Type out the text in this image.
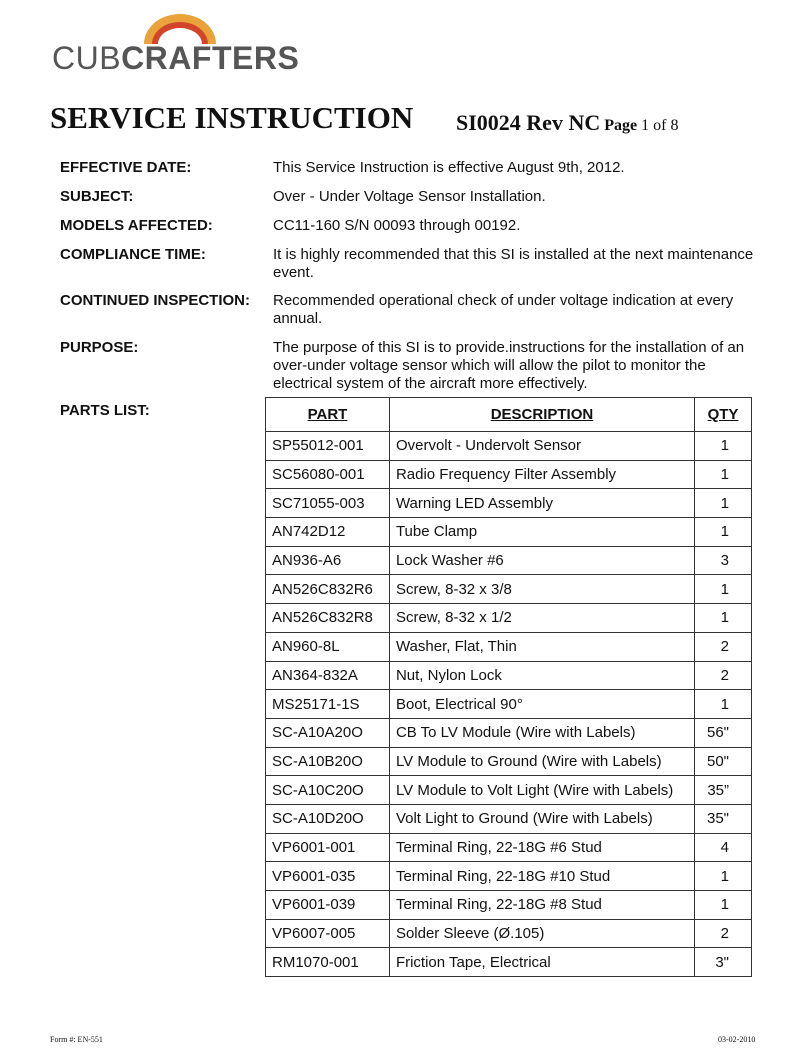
CUBCRAFTERS
SERVICE INSTRUCTION SI0024 Rev NC Page 1 of 8
EFFECTIVE DATE:	This Service Instruction is effective August 9th, 2012.
SUBJECT:	Over - Under Voltage Sensor Installation.
MODELS AFFECTED:	CC11-160 S/N 00093 through 00192.
COMPLIANCE TIME:	It is highly recommended that this SI is installed at the next maintenance event.
CONTINUED INSPECTION:	Recommended operational check of under voltage indication at every annual.
PURPOSE:	The purpose of this SI is to provide.instructions for the installation of an over-under voltage sensor which will allow the pilot to monitor the electrical system of the aircraft more effectively.
PARTS LIST:	PART	DESCRIPTION	QTY
SP55012-001	Overvolt - Undervolt Sensor	1
SC56080-001	Radio Frequency Filter Assembly	1
SC71055-003	Warning LED Assembly	1
AN742D12	Tube Clamp	1
AN936-A6	Lock Washer #6	3
AN526C832R6	Screw, 8-32 x 3/8	1
AN526C832R8	Screw, 8-32 x 1/2	1
AN960-8L	Washer, Flat, Thin	2
AN364-832A	Nut, Nylon Lock	2
MS25171-1S	Boot, Electrical 90°	1
SC-A10A20O	CB To LV Module (Wire with Labels)	56"
SC-A10B20O	LV Module to Ground (Wire with Labels)	50"
SC-A10C20O	LV Module to Volt Light (Wire with Labels)	35”
SC-A10D20O	Volt Light to Ground (Wire with Labels)	35"
VP6001-001	Terminal Ring, 22-18G #6 Stud	4
VP6001-035	Terminal Ring, 22-18G #10 Stud	1
VP6001-039	Terminal Ring, 22-18G #8 Stud	1
VP6007-005	Solder Sleeve (Ø.105)	2
RM1070-001	Friction Tape, Electrical	3"
Form #: EN-551	03-02-2010
